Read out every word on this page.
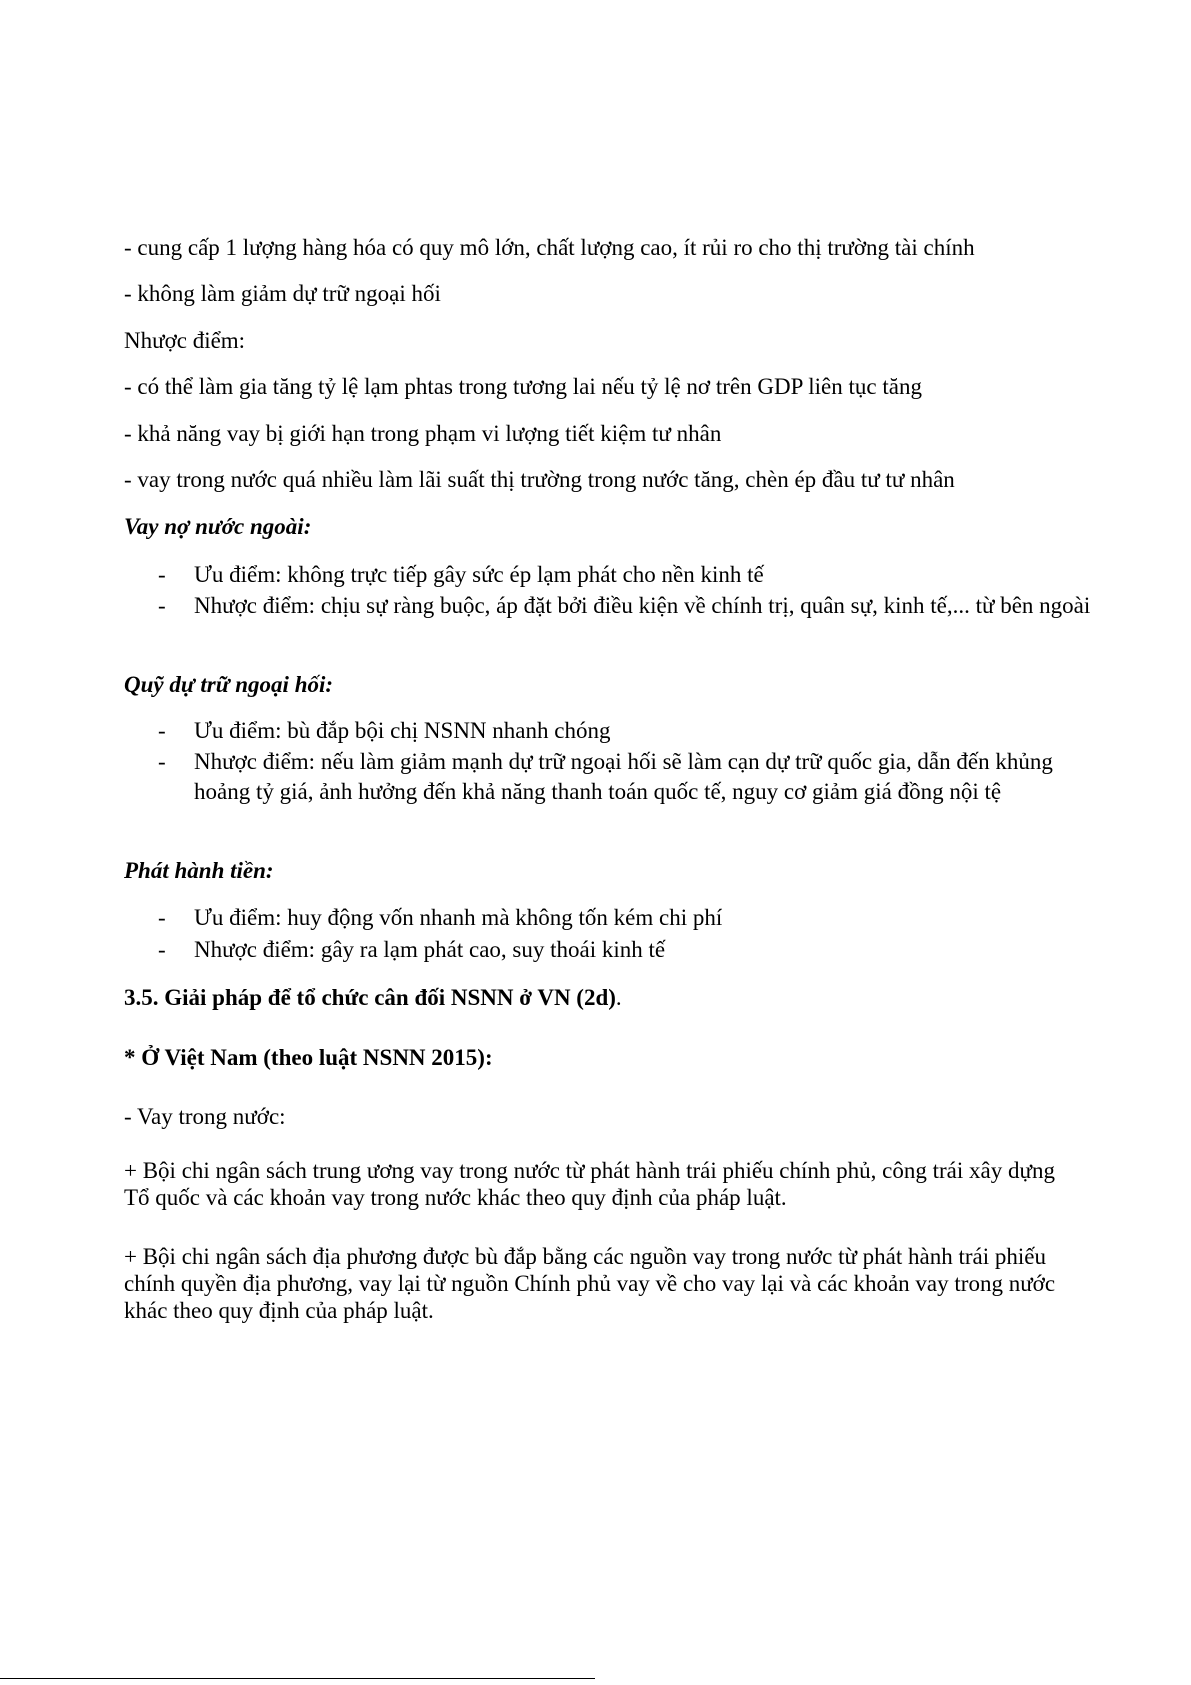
- cung cấp 1 lượng hàng hóa có quy mô lớn, chất lượng cao, ít rủi ro cho thị trường tài chính
- không làm giảm dự trữ ngoại hối
Nhược điểm:
- có thể làm gia tăng tỷ lệ lạm phtas trong tương lai nếu tỷ lệ nơ trên GDP liên tục tăng
- khả năng vay bị giới hạn trong phạm vi lượng tiết kiệm tư nhân
- vay trong nước quá nhiều làm lãi suất thị trường trong nước tăng, chèn ép đầu tư tư nhân
Vay nợ nước ngoài:
- Ưu điểm: không trực tiếp gây sức ép lạm phát cho nền kinh tế
- Nhược điểm: chịu sự ràng buộc, áp đặt bởi điều kiện về chính trị, quân sự, kinh tế,... từ bên ngoài
Quỹ dự trữ ngoại hối:
- Ưu điểm: bù đắp bội chị NSNN nhanh chóng
- Nhược điểm: nếu làm giảm mạnh dự trữ ngoại hối sẽ làm cạn dự trữ quốc gia, dẫn đến khủng hoảng tỷ giá, ảnh hưởng đến khả năng thanh toán quốc tế, nguy cơ giảm giá đồng nội tệ
Phát hành tiền:
- Ưu điểm: huy động vốn nhanh mà không tốn kém chi phí
- Nhược điểm: gây ra lạm phát cao, suy thoái kinh tế
3.5. Giải pháp để tổ chức cân đối NSNN ở VN (2d).
* Ở Việt Nam (theo luật NSNN 2015):
- Vay trong nước:
+ Bội chi ngân sách trung ương vay trong nước từ phát hành trái phiếu chính phủ, công trái xây dựng Tổ quốc và các khoản vay trong nước khác theo quy định của pháp luật.
+ Bội chi ngân sách địa phương được bù đắp bằng các nguồn vay trong nước từ phát hành trái phiếu chính quyền địa phương, vay lại từ nguồn Chính phủ vay về cho vay lại và các khoản vay trong nước khác theo quy định của pháp luật.
